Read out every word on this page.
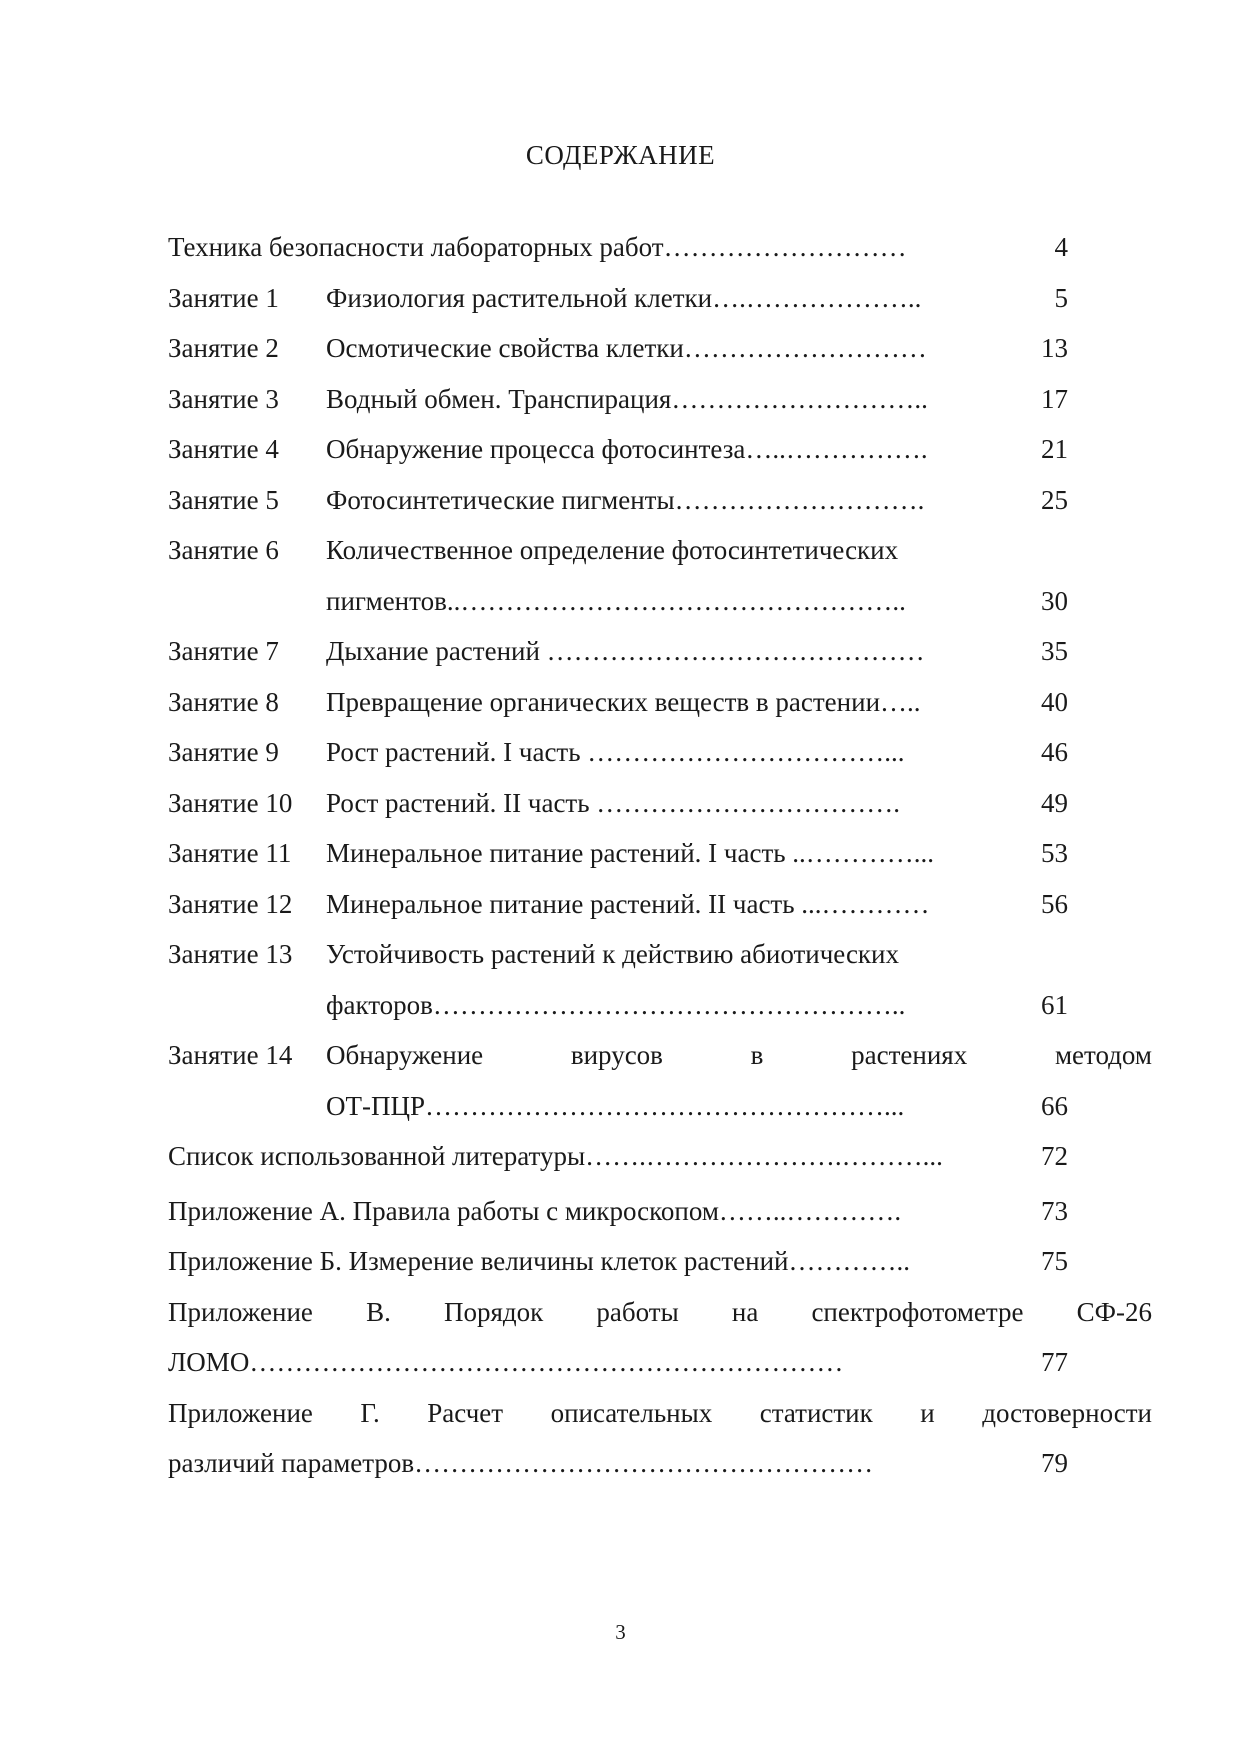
СОДЕРЖАНИЕ
Техника безопасности лабораторных работ………………………	4
Занятие 1 Физиология растительной клетки….………………..	5
Занятие 2 Осмотические свойства клетки………………………	13
Занятие 3 Водный обмен. Транспирация………………………..	17
Занятие 4 Обнаружение процесса фотосинтеза…..…………….	21
Занятие 5 Фотосинтетические пигменты……………………….	25
Занятие 6 Количественное определение фотосинтетических
пигментов..…………………………………………..	30
Занятие 7 Дыхание растений ……………………………………	35
Занятие 8 Превращение органических веществ в растении…..	40
Занятие 9 Рост растений. I часть ……………………………...	46
Занятие 10 Рост растений. II часть …………………………….	49
Занятие 11 Минеральное питание растений. I часть ..…………...	53
Занятие 12 Минеральное питание растений. II часть ...…………	56
Занятие 13 Устойчивость растений к действию абиотических
факторов……………………………………………..	61
Занятие 14 Обнаружение вирусов в растениях методом
ОТ-ПЦР……………………………………………...	66
Список использованной литературы…….………………….………...	72
Приложение А. Правила работы с микроскопом……..………….	73
Приложение Б. Измерение величины клеток растений…………..	75
Приложение В. Порядок работы на спектрофотометре СФ-26
ЛОМО…………………………………………………………	77
Приложение Г. Расчет описательных статистик и достоверности
различий параметров……………………………………………	79
3
